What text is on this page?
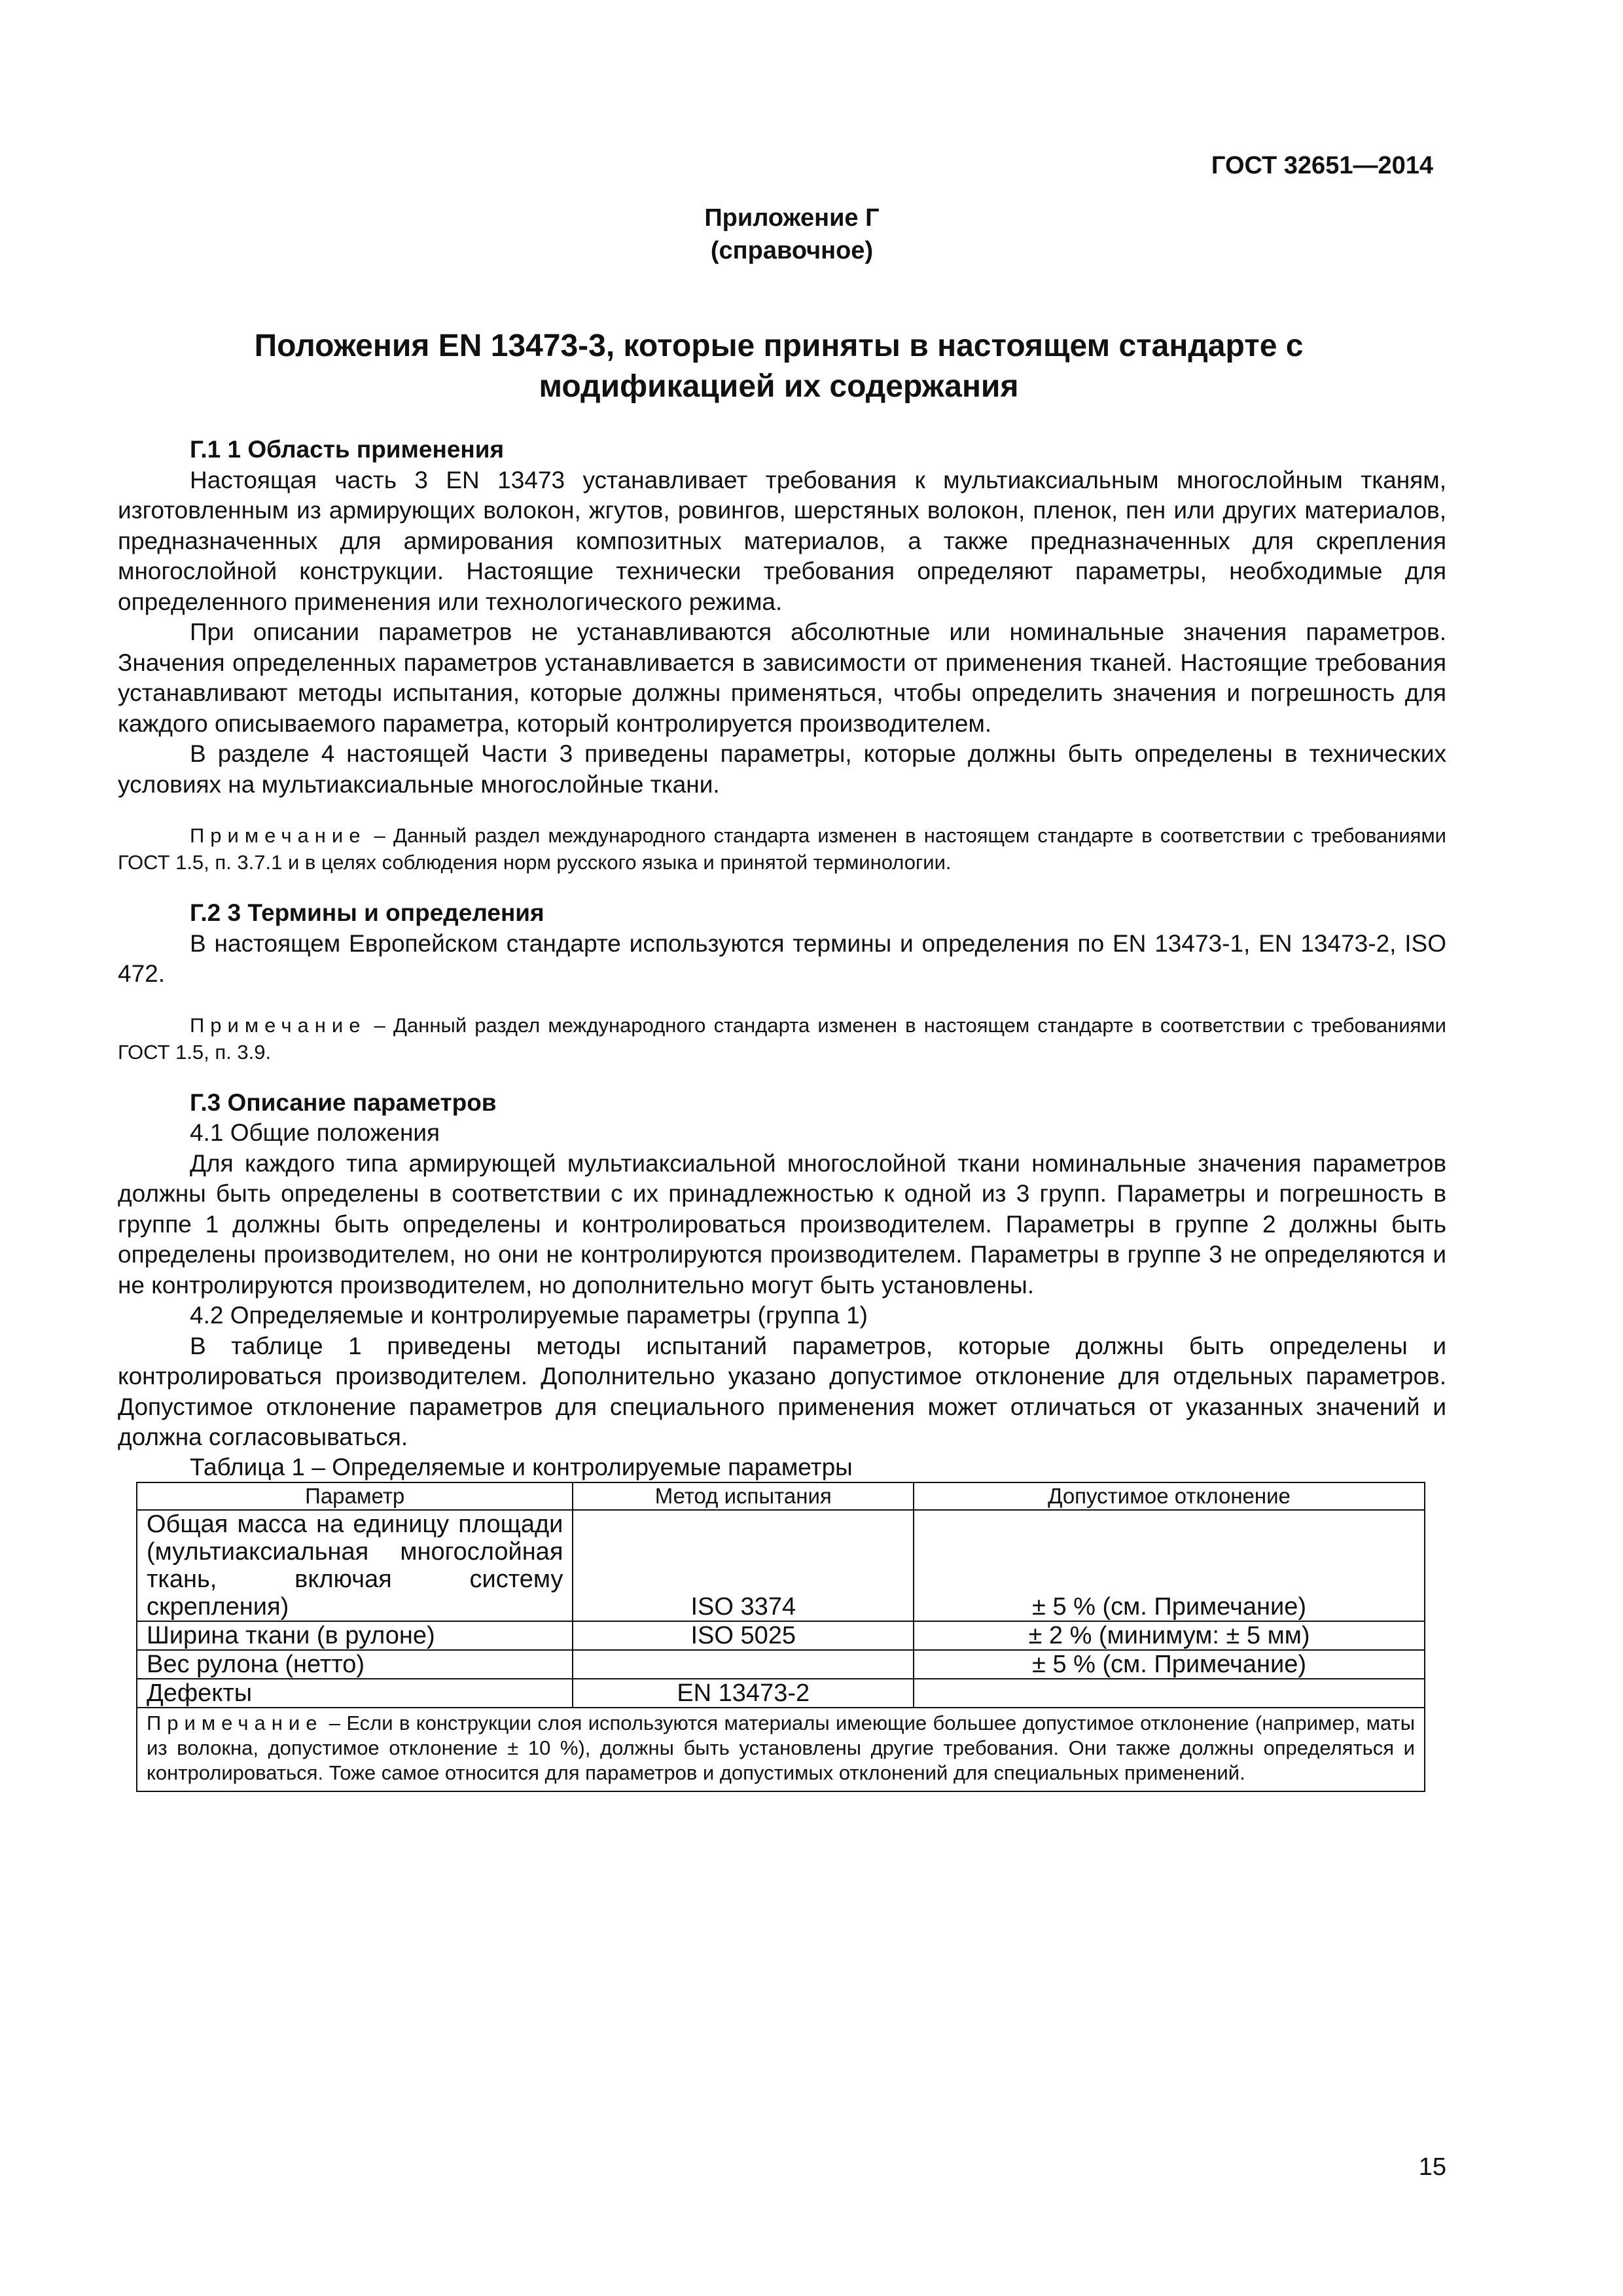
ГОСТ 32651—2014
Приложение Г
(справочное)
Положения EN 13473-3, которые приняты в настоящем стандарте с
модификацией их содержания

Г.1 1 Область применения

Настоящая часть 3 EN 13473 устанавливает требования к мультиаксиальным многослойным тканям, изготовленным из армирующих волокон, жгутов, ровингов, шерстяных волокон, пленок, пен или других материалов, предназначенных для армирования композитных материалов, а также предназначенных для скрепления многослойной конструкции. Настоящие технически требования определяют параметры, необходимые для определенного применения или технологического режима.

При описании параметров не устанавливаются абсолютные или номинальные значения параметров. Значения определенных параметров устанавливается в зависимости от применения тканей. Настоящие требования устанавливают методы испытания, которые должны применяться, чтобы определить значения и погрешность для каждого описываемого параметра, который контролируется производителем.

В разделе 4 настоящей Части 3 приведены параметры, которые должны быть определены в технических условиях на мультиаксиальные многослойные ткани.

Примечание – Данный раздел международного стандарта изменен в настоящем стандарте в соответствии с требованиями ГОСТ 1.5, п. 3.7.1 и в целях соблюдения норм русского языка и принятой терминологии.

Г.2 3 Термины и определения

В настоящем Европейском стандарте используются термины и определения по EN 13473-1, EN 13473-2, ISO 472.

Примечание – Данный раздел международного стандарта изменен в настоящем стандарте в соответствии с требованиями ГОСТ 1.5, п. 3.9.

Г.3 Описание параметров

4.1 Общие положения

Для каждого типа армирующей мультиаксиальной многослойной ткани номинальные значения параметров должны быть определены в соответствии с их принадлежностью к одной из 3 групп. Параметры и погрешность в группе 1 должны быть определены и контролироваться производителем. Параметры в группе 2 должны быть определены производителем, но они не контролируются производителем. Параметры в группе 3 не определяются и не контролируются производителем, но дополнительно могут быть установлены.

4.2 Определяемые и контролируемые параметры (группа 1)

В таблице 1 приведены методы испытаний параметров, которые должны быть определены и контролироваться производителем. Дополнительно указано допустимое отклонение для отдельных параметров. Допустимое отклонение параметров для специального применения может отличаться от указанных значений и должна согласовываться.

Таблица 1 – Определяемые и контролируемые параметры

Параметр	Метод испытания	Допустимое отклонение
Общая масса на единицу площади (мультиаксиальная многослойная ткань, включая систему скрепления)	ISO 3374	± 5 % (см. Примечание)
Ширина ткани (в рулоне)	ISO 5025	± 2 % (минимум: ± 5 мм)
Вес рулона (нетто)		± 5 % (см. Примечание)
Дефекты	EN 13473-2	
Примечание – Если в конструкции слоя используются материалы имеющие большее допустимое отклонение (например, маты из волокна, допустимое отклонение ± 10 %), должны быть установлены другие требования. Они также должны определяться и контролироваться. Тоже самое относится для параметров и допустимых отклонений для специальных применений.		
15
